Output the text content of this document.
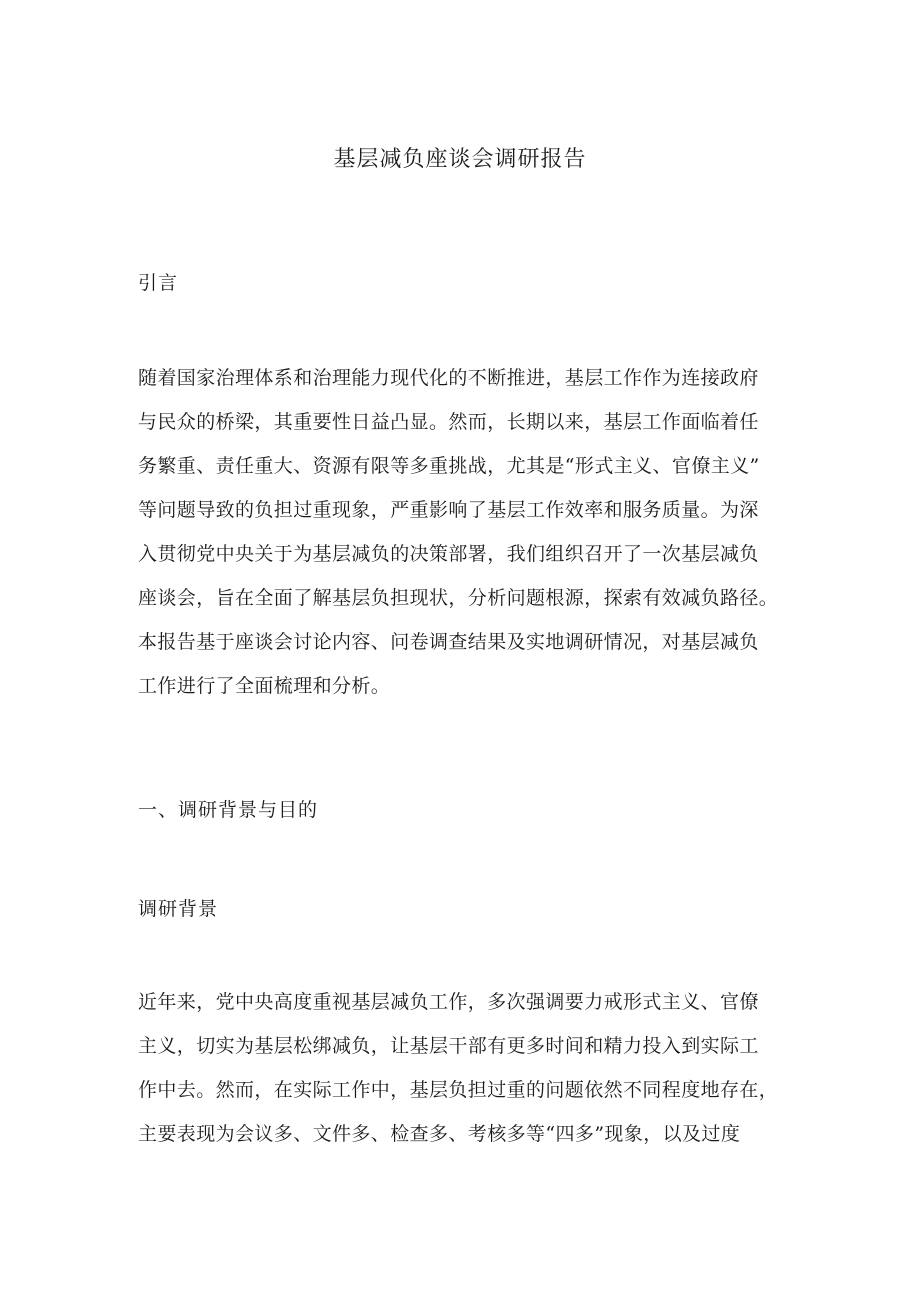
基层减负座谈会调研报告
引言
随着国家治理体系和治理能力现代化的不断推进，基层工作作为连接政府
与民众的桥梁，其重要性日益凸显。然而，长期以来，基层工作面临着任
务繁重、责任重大、资源有限等多重挑战，尤其是“形式主义、官僚主义”
等问题导致的负担过重现象，严重影响了基层工作效率和服务质量。为深
入贯彻党中央关于为基层减负的决策部署，我们组织召开了一次基层减负
座谈会，旨在全面了解基层负担现状，分析问题根源，探索有效减负路径。
本报告基于座谈会讨论内容、问卷调查结果及实地调研情况，对基层减负
工作进行了全面梳理和分析。
一、调研背景与目的
调研背景
近年来，党中央高度重视基层减负工作，多次强调要力戒形式主义、官僚
主义，切实为基层松绑减负，让基层干部有更多时间和精力投入到实际工
作中去。然而，在实际工作中，基层负担过重的问题依然不同程度地存在，
主要表现为会议多、文件多、检查多、考核多等“四多”现象，以及过度
